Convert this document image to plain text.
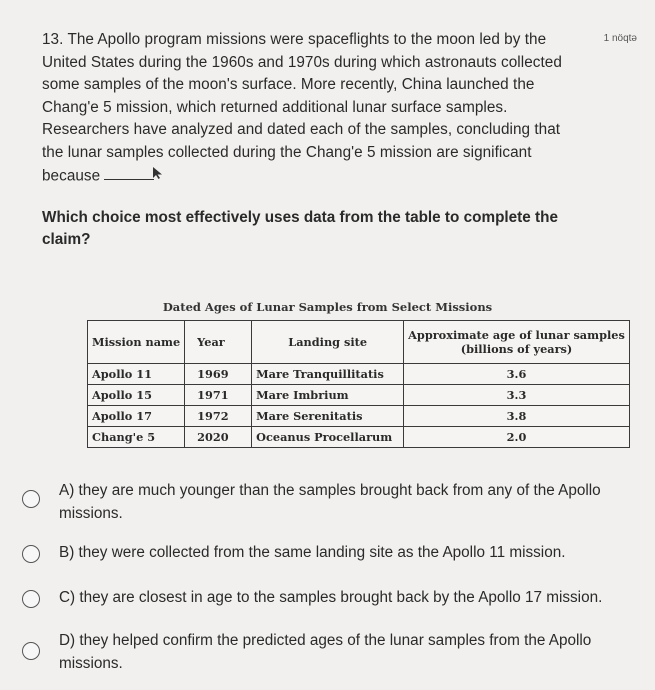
1 nöqtə
13. The Apollo program missions were spaceflights to the moon led by the
United States during the 1960s and 1970s during which astronauts collected
some samples of the moon's surface. More recently, China launched the
Chang'e 5 mission, which returned additional lunar surface samples.
Researchers have analyzed and dated each of the samples, concluding that
the lunar samples collected during the Chang'e 5 mission are significant
because
Which choice most effectively uses data from the table to complete the
claim?
Dated Ages of Lunar Samples from Select Missions
Mission name	Year	Landing site	Approximate age of lunar samples
(billions of years)

Apollo 11	1969	Mare Tranquillitatis	3.6
Apollo 15	1971	Mare Imbrium	3.3
Apollo 17	1972	Mare Serenitatis	3.8
Chang'e 5	2020	Oceanus Procellarum	2.0
A) they are much younger than the samples brought back from any of the Apollo
missions.
B) they were collected from the same landing site as the Apollo 11 mission.
C) they are closest in age to the samples brought back by the Apollo 17 mission.
D) they helped confirm the predicted ages of the lunar samples from the Apollo
missions.
